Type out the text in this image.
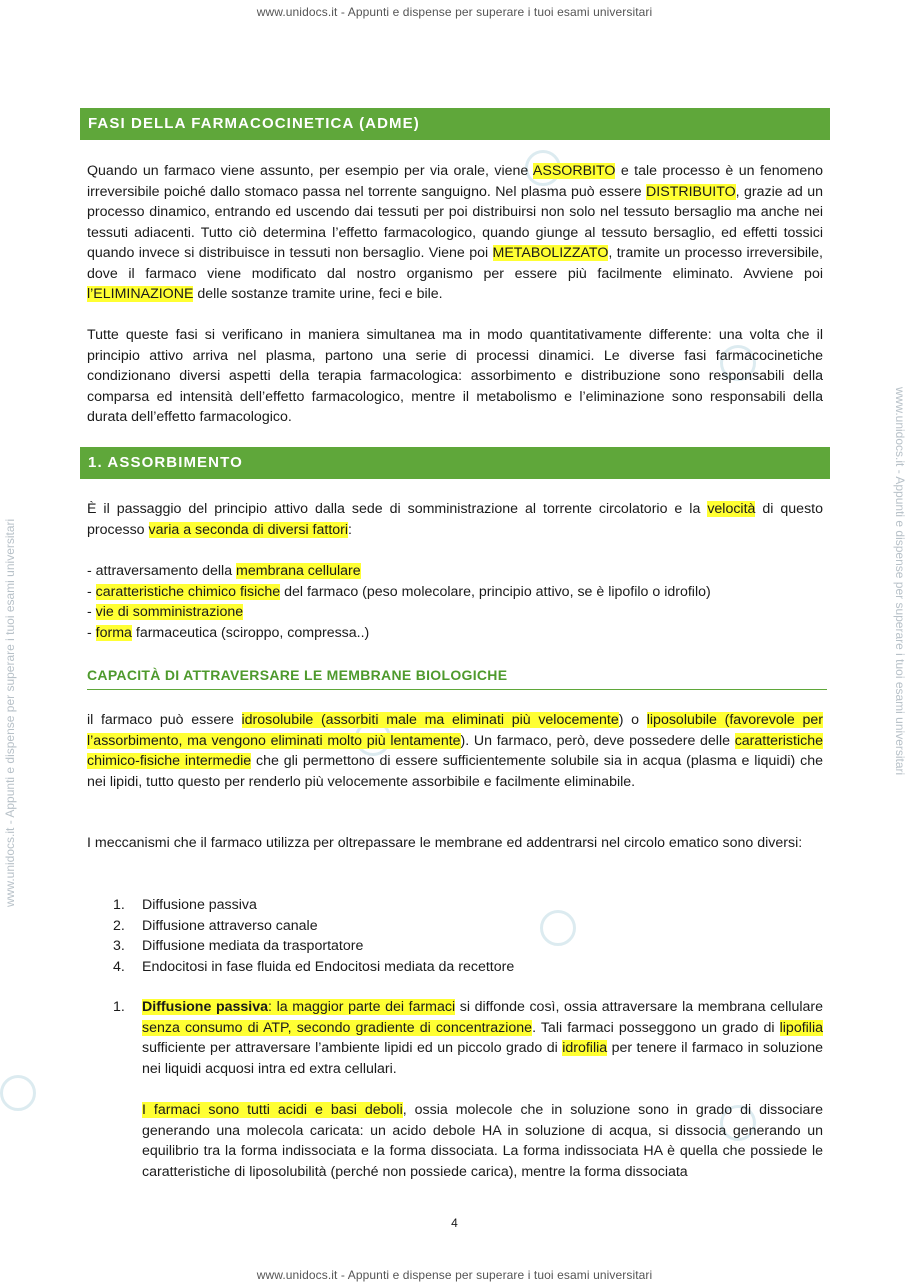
www.unidocs.it - Appunti e dispense per superare i tuoi esami universitari
www.unidocs.it - Appunti e dispense per superare i tuoi esami universitari	www.unidocs.it - Appunti e dispense per superare i tuoi esami universitari
FASI DELLA FARMACOCINETICA (ADME)
Quando un farmaco viene assunto, per esempio per via orale, viene ASSORBITO e tale processo è un fenomeno irreversibile poiché dallo stomaco passa nel torrente sanguigno. Nel plasma può essere DISTRIBUITO, grazie ad un processo dinamico, entrando ed uscendo dai tessuti per poi distribuirsi non solo nel tessuto bersaglio ma anche nei tessuti adiacenti. Tutto ciò determina l’effetto farmacologico, quando giunge al tessuto bersaglio, ed effetti tossici quando invece si distribuisce in tessuti non bersaglio. Viene poi METABOLIZZATO, tramite un processo irreversibile, dove il farmaco viene modificato dal nostro organismo per essere più facilmente eliminato. Avviene poi l’ELIMINAZIONE delle sostanze tramite urine, feci e bile.
Tutte queste fasi si verificano in maniera simultanea ma in modo quantitativamente differente: una volta che il principio attivo arriva nel plasma, partono una serie di processi dinamici. Le diverse fasi farmacocinetiche condizionano diversi aspetti della terapia farmacologica: assorbimento e distribuzione sono responsabili della comparsa ed intensità dell’effetto farmacologico, mentre il metabolismo e l’eliminazione sono responsabili della durata dell’effetto farmacologico.
1. ASSORBIMENTO
È il passaggio del principio attivo dalla sede di somministrazione al torrente circolatorio e la velocità di questo processo varia a seconda di diversi fattori:
- attraversamento della membrana cellulare
- caratteristiche chimico fisiche del farmaco (peso molecolare, principio attivo, se è lipofilo o idrofilo)
- vie di somministrazione
- forma farmaceutica (sciroppo, compressa..)
CAPACITÀ DI ATTRAVERSARE LE MEMBRANE BIOLOGICHE
il farmaco può essere idrosolubile (assorbiti male ma eliminati più velocemente) o liposolubile (favorevole per l’assorbimento, ma vengono eliminati molto più lentamente). Un farmaco, però, deve possedere delle caratteristiche chimico-fisiche intermedie che gli permettono di essere sufficientemente solubile sia in acqua (plasma e liquidi) che nei lipidi, tutto questo per renderlo più velocemente assorbibile e facilmente eliminabile.
I meccanismi che il farmaco utilizza per oltrepassare le membrane ed addentrarsi nel circolo ematico sono diversi:
1.	Diffusione passiva
2.	Diffusione attraverso canale
3.	Diffusione mediata da trasportatore
4.	Endocitosi in fase fluida ed Endocitosi mediata da recettore
1. Diffusione passiva: la maggior parte dei farmaci si diffonde così, ossia attraversare la membrana cellulare senza consumo di ATP, secondo gradiente di concentrazione. Tali farmaci posseggono un grado di lipofilia sufficiente per attraversare l’ambiente lipidi ed un piccolo grado di idrofilia per tenere il farmaco in soluzione nei liquidi acquosi intra ed extra cellulari.
I farmaci sono tutti acidi e basi deboli, ossia molecole che in soluzione sono in grado di dissociare generando una molecola caricata: un acido debole HA in soluzione di acqua, si dissocia generando un equilibrio tra la forma indissociata e la forma dissociata. La forma indissociata HA è quella che possiede le caratteristiche di liposolubilità (perché non possiede carica), mentre la forma dissociata
4
www.unidocs.it - Appunti e dispense per superare i tuoi esami universitari
